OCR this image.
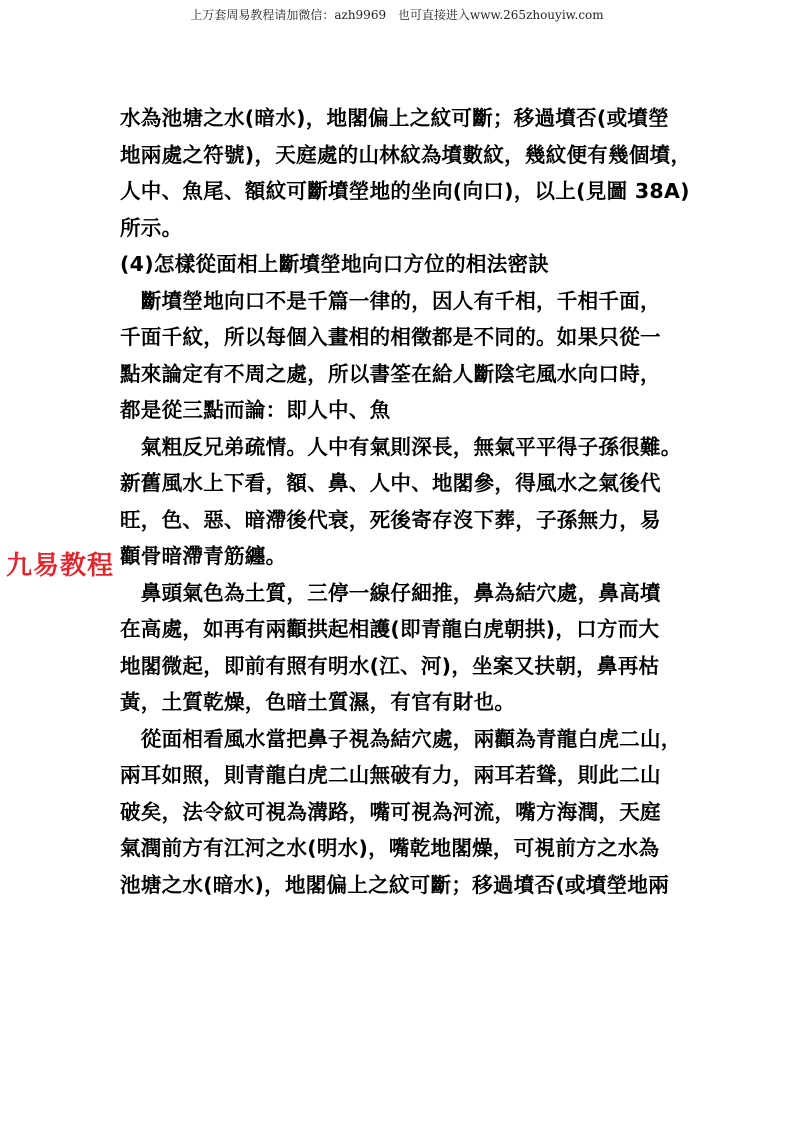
上万套周易教程请加微信：azh9969 也可直接进入www.265zhouyiw.com
九易教程
水為池塘之水(暗水)，地閣偏上之紋可斷；移過墳否(或墳塋
地兩處之符號)，天庭處的山林紋為墳數紋，幾紋便有幾個墳，
人中、魚尾、額紋可斷墳塋地的坐向(向口)，以上(見圖 38A)
所示。
(4)怎樣從面相上斷墳塋地向口方位的相法密訣
　斷墳塋地向口不是千篇一律的，因人有千相，千相千面，
千面千紋，所以每個入畫相的相徵都是不同的。如果只從一
點來論定有不周之處，所以書筌在給人斷陰宅風水向口時，
都是從三點而論：即人中、魚
　氣粗反兄弟疏情。人中有氣則深長，無氣平平得子孫很難。
新舊風水上下看，額、鼻、人中、地閣參，得風水之氣後代
旺，色、惡、暗滯後代衰，死後寄存沒下葬，子孫無力，易
顴骨暗滯青筋纏。
　鼻頭氣色為土質，三停一線仔細推，鼻為結穴處，鼻高墳
在高處，如再有兩顴拱起相護(即青龍白虎朝拱)，口方而大
地閣微起，即前有照有明水(江、河)，坐案又扶朝，鼻再枯
黃，土質乾燥，色暗土質濕，有官有財也。
　從面相看風水當把鼻子視為結穴處，兩顴為青龍白虎二山，
兩耳如照，則青龍白虎二山無破有力，兩耳若聳，則此二山
破矣，法令紋可視為溝路，嘴可視為河流，嘴方海潤，天庭
氣潤前方有江河之水(明水)，嘴乾地閣燥，可視前方之水為
池塘之水(暗水)，地閣偏上之紋可斷；移過墳否(或墳塋地兩
